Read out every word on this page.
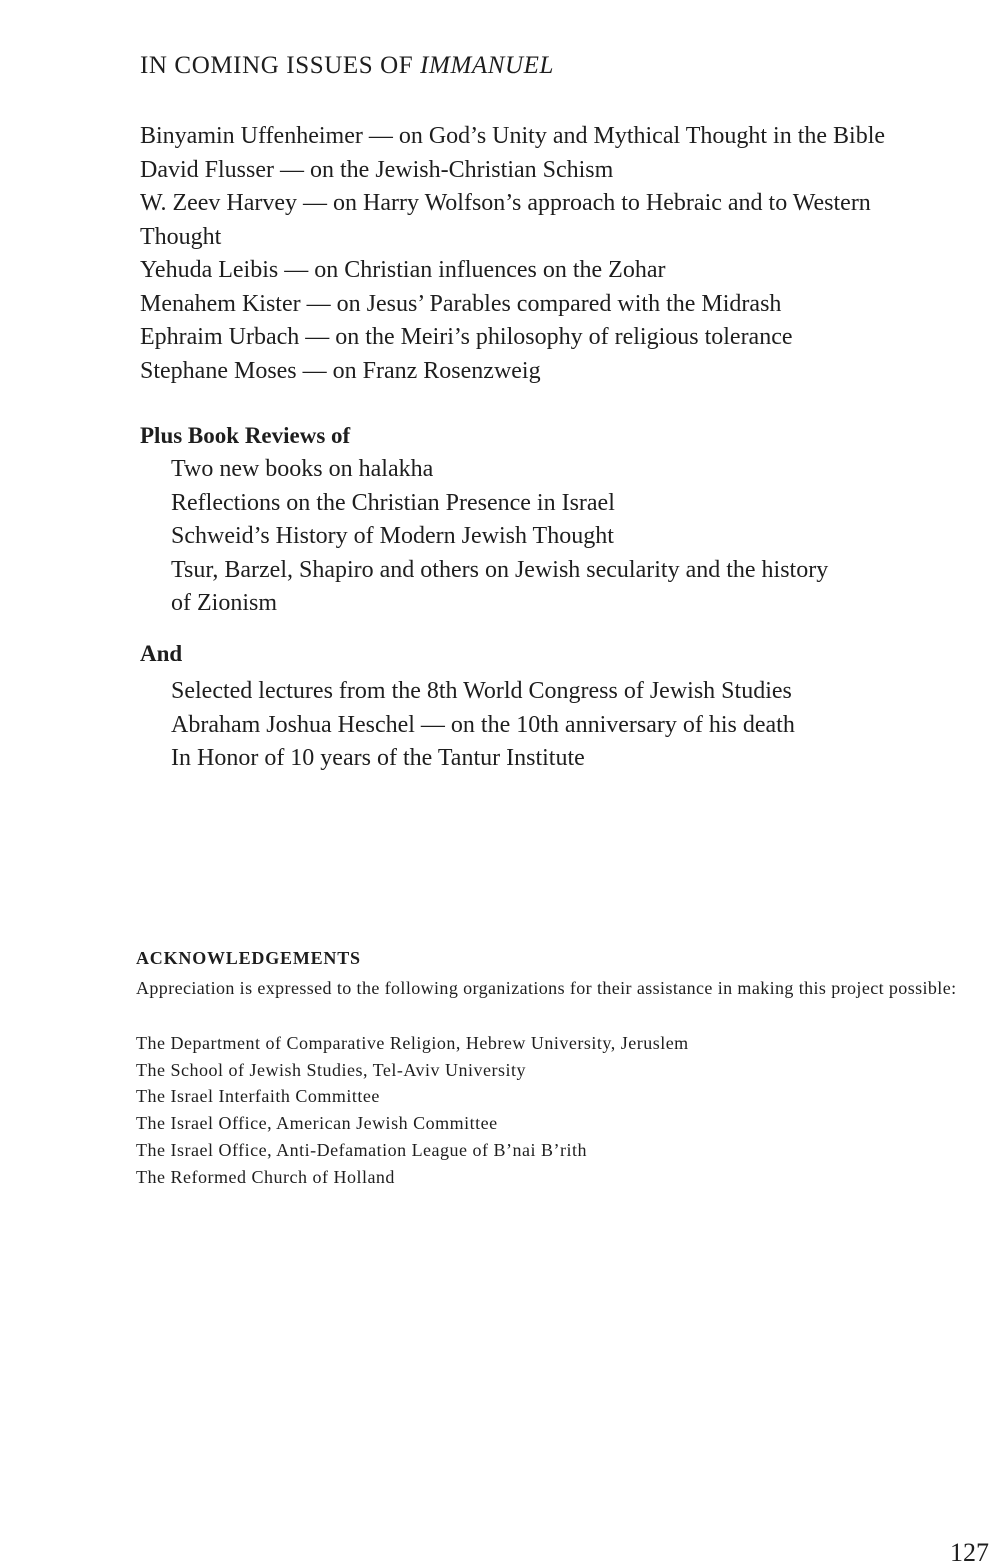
IN COMING ISSUES OF IMMANUEL
Binyamin Uffenheimer — on God’s Unity and Mythical Thought in the Bible
David Flusser — on the Jewish-Christian Schism
W. Zeev Harvey — on Harry Wolfson’s approach to Hebraic and to Western
Thought
Yehuda Leibis — on Christian influences on the Zohar
Menahem Kister — on Jesus’ Parables compared with the Midrash
Ephraim Urbach — on the Meiri’s philosophy of religious tolerance
Stephane Moses — on Franz Rosenzweig
Plus Book Reviews of
Two new books on halakha
Reflections on the Christian Presence in Israel
Schweid’s History of Modern Jewish Thought
Tsur, Barzel, Shapiro and others on Jewish secularity and the history
of Zionism
And
Selected lectures from the 8th World Congress of Jewish Studies
Abraham Joshua Heschel — on the 10th anniversary of his death
In Honor of 10 years of the Tantur Institute
ACKNOWLEDGEMENTS
Appreciation is expressed to the following organizations for their assistance in making this project possible:
The Department of Comparative Religion, Hebrew University, Jeruslem
The School of Jewish Studies, Tel-Aviv University
The Israel Interfaith Committee
The Israel Office, American Jewish Committee
The Israel Office, Anti-Defamation League of B’nai B’rith
The Reformed Church of Holland
127
